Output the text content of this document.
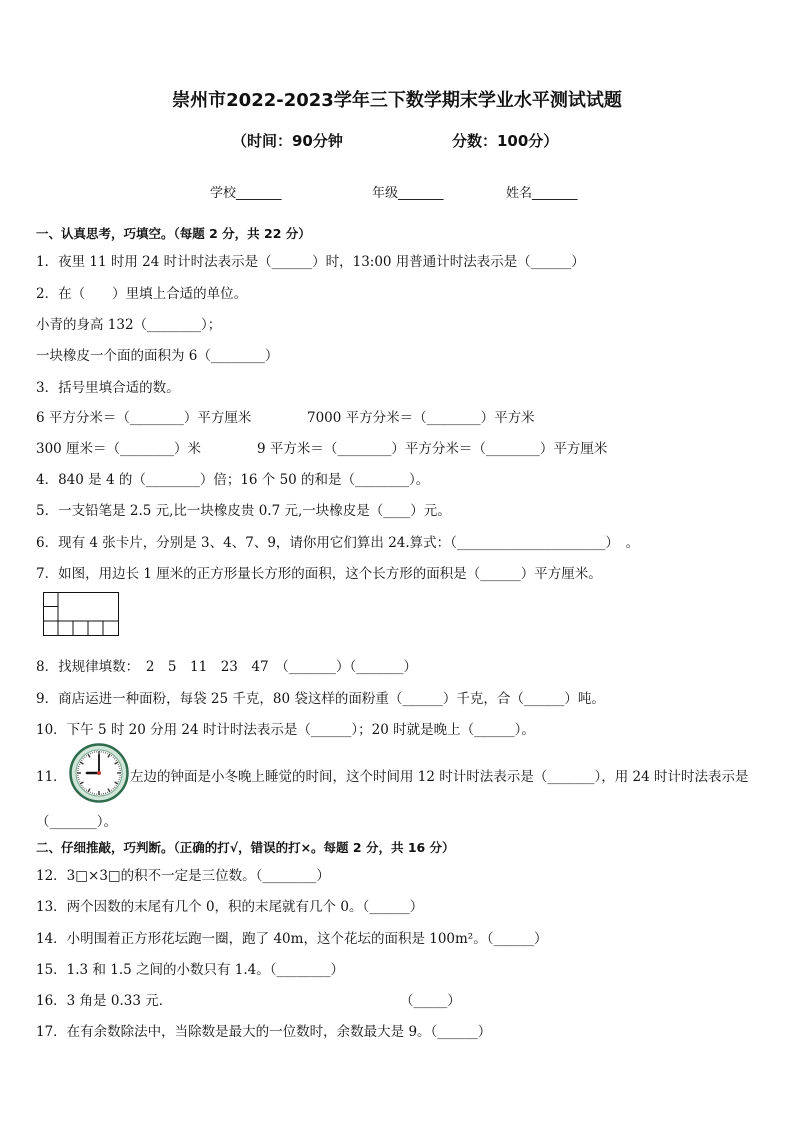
崇州市2022-2023学年三下数学期末学业水平测试试题
（时间：90分钟	分数：100分）
学校_______	年级_______	姓名_______
一、认真思考，巧填空。（每题 2 分，共 22 分）
1．夜里 11 时用 24 时计时法表示是（______）时，13:00 用普通计时法表示是（______）
2．在（　　）里填上合适的单位。
小青的身高 132（________）；
一块橡皮一个面的面积为 6（________）
3．括号里填合适的数。
6 平方分米＝（________）平方厘米	7000 平方分米＝（________）平方米
300 厘米＝（________）米	9 平方米＝（________）平方分米＝（________）平方厘米
4．840 是 4 的（________）倍；16 个 50 的和是（________）。
5．一支铅笔是 2.5 元,比一块橡皮贵 0.7 元,一块橡皮是（____）元。
6．现有 4 张卡片，分别是 3、4、7、9，请你用它们算出 24.算式：（______________________）　。
7．如图，用边长 1 厘米的正方形量长方形的面积，这个长方形的面积是（______）平方厘米。
8．找规律填数：　2　5　11　23　47　（_______）（_______）
9．商店运进一种面粉，每袋 25 千克，80 袋这样的面粉重（______）千克，合（______）吨。
10．下午 5 时 20 分用 24 时计时法表示是（______）；20 时就是晚上（______）。
11．	左边的钟面是小冬晚上睡觉的时间，这个时间用 12 时计时法表示是（_______），用 24 时计时法表示是
（_______）。
二、仔细推敲，巧判断。（正确的打√，错误的打×。每题 2 分，共 16 分）
12．3□×3□的积不一定是三位数。（________）
13．两个因数的末尾有几个 0，积的末尾就有几个 0。（______）
14．小明围着正方形花坛跑一圈，跑了 40m，这个花坛的面积是 100m²。（______）
15．1.3 和 1.5 之间的小数只有 1.4。（________）
16．3 角是 0.33 元．	（_____）
17．在有余数除法中，当除数是最大的一位数时，余数最大是 9。（______）
